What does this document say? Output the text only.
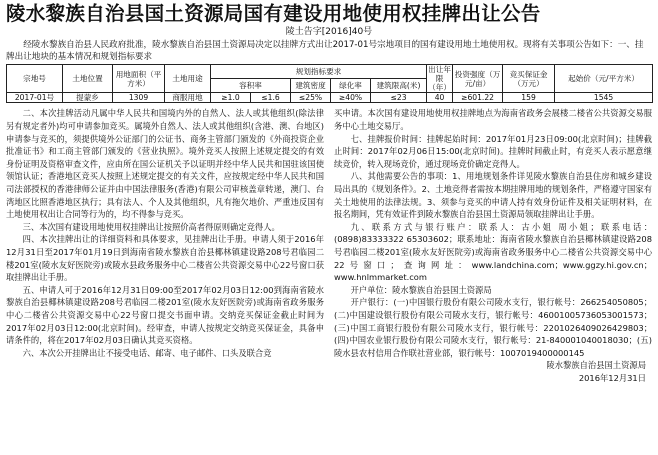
陵水黎族自治县国土资源局国有建设用地使用权挂牌出让公告
陵土告字[2016]40号

经陵水黎族自治县人民政府批准，陵水黎族自治县国土资源局决定以挂牌方式出让2017-01号宗地项目的国有建设用地土地使用权。现将有关事项公告如下：一、挂牌出让地块的基本情况和规划指标要求

宗地号	土地位置	用地面积（平方米）	土地用途	规划指标要求					出让年限（年）	投资强度（万元/亩）	竞买保证金（万元）	起始价（元/平方米）
				容积率		建筑密度	绿化率	建筑限高(米)				
2017-01号	提蒙乡	1309	商服用地	≥1.0	≤1.6	≤25%	≥40%	≤23	40	≥601.22	159	1545

二、本次挂牌活动凡属中华人民共和国境内外的自然人、法人或其他组织(除法律另有规定者外)均可申请参加竞买。属境外自然人、法人或其他组织(含港、澳、台地区)申请参与竞买的，须提供境外公证部门的公证书、商务主管部门颁发的《外商投资企业批准证书》和工商主管部门颁发的《营业执照》。境外竞买人按照上述规定提交的有效身份证明及资格审查文件，应由所在国公证机关予以证明并经中华人民共和国驻该国使领馆认证；香港地区竞买人按照上述规定提交的有关文件，应按规定经中华人民共和国司法部授权的香港律师公证并由中国法律服务(香港)有限公司审核盖章转递，澳门、台湾地区比照香港地区执行；具有法人、个人及其他组织，凡有拖欠地价、严重违反国有土地使用权出让合同等行为的，均不得参与竞买。

三、本次国有建设用地使用权挂牌出让按照价高者得原则确定竞得人。

四、本次挂牌出让的详细资料和具体要求，见挂牌出让手册。申请人须于2016年12月31日至2017年01月19日到海南省陵水黎族自治县椰林镇建设路208号君临园二楼201室(陵水友好医院旁)或陵水县政务服务中心二楼省公共资源交易中心22号窗口获取挂牌出让手册。

五、申请人可于2016年12月31日09:00至2017年02月03日12:00到海南省陵水黎族自治县椰林镇建设路208号君临园二楼201室(陵水友好医院旁)或海南省政务服务中心二楼省公共资源交易中心22号窗口提交书面申请。交纳竞买保证金截止时间为2017年02月03日12:00(北京时间)。经审查，申请人按规定交纳竞买保证金，具备申请条件的，将在2017年02月03日确认其竞买资格。

六、本次公开挂牌出让不接受电话、邮寄、电子邮件、口头及联合竞

买申请。本次国有建设用地使用权挂牌地点为海南省政务会展楼二楼省公共资源交易服务中心土地交易厅。

七、挂牌报价时间：挂牌起始时间：2017年01月23日09:00(北京时间)；挂牌截止时间：2017年02月06日15:00(北京时间)。挂牌时间截止时，有竞买人表示愿意继续竞价，转入现场竞价，通过现场竞价确定竞得人。

八、其他需要公告的事项：1、用地规划条件详见陵水黎族自治县住房和城乡建设局出具的《规划条件》。2、土地竞得者需按本期挂牌用地的规划条件，严格遵守国家有关土地使用的法律法规。3、须参与竞买的申请人持有效身份证件及相关证明材料，在报名期间，凭有效证件到陵水黎族自治县国土资源局领取挂牌出让手册。

九、联系方式与银行账户：联系人：古小姐 周小姐；联系电话：(0898)83333322 65303602；联系地址：海南省陵水黎族自治县椰林镇建设路208号君临园二楼201室(陵水友好医院旁)或海南省政务服务中心二楼省公共资源交易中心22号窗口；查询网址：www.landchina.com；www.ggzy.hi.gov.cn；www.hnlmmarket.com

开户单位：陵水黎族自治县国土资源局

开户银行：(一)中国银行股份有限公司陵水支行，银行帐号：266254050805；(二)中国建设银行股份有限公司陵水支行，银行帐号：46001005736053001573；(三)中国工商银行股份有限公司陵水支行，银行帐号：2201026409026429803；(四)中国农业银行股份有限公司陵水支行，银行帐号：21-840001040018030；(五)陵水县农村信用合作联社营业部，银行帐号：1007019400000145

陵水黎族自治县国土资源局

2016年12月31日
